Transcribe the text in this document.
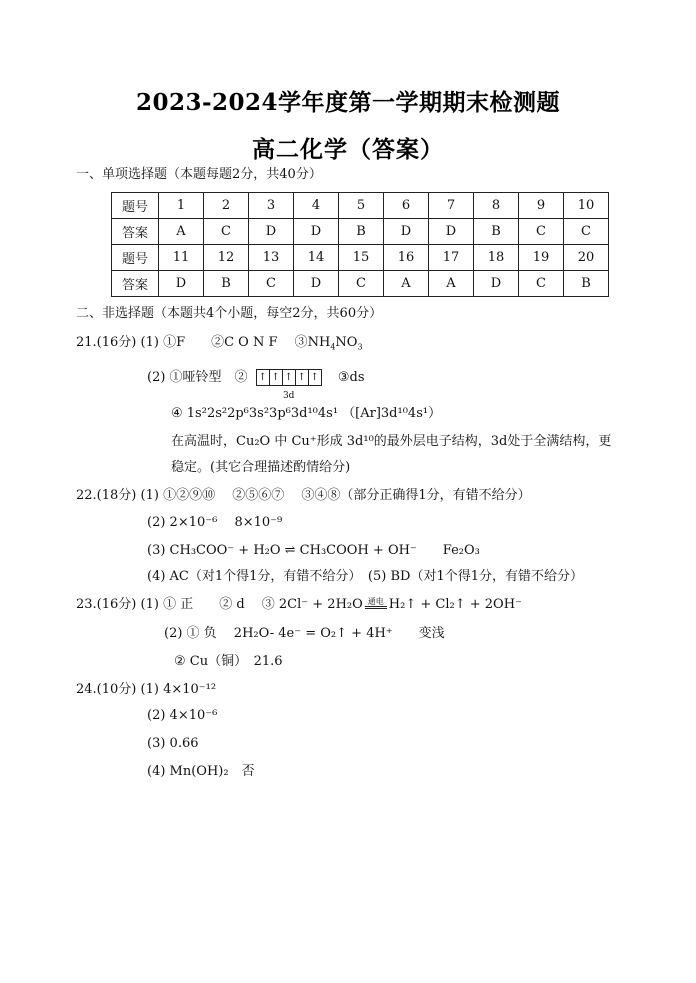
2023-2024学年度第一学期期末检测题
高二化学（答案）
一、单项选择题（本题每题2分，共40分）
题号	1	2	3	4	5	6	7	8	9	10
答案	A	C	D	D	B	D	D	B	C	C
题号	11	12	13	14	15	16	17	18	19	20
答案	D	B	C	D	C	A	A	D	C	B
二、非选择题（本题共4个小题，每空2分，共60分）
21.(16分) (1) ①F　　②C O N F　 $③NH_4NO_3$
(2) ①哑铃型　② ↑ ↑ ↑ ↑ ↑
3d
③ds
④ 1s²2s²2p⁶3s²3p⁶3d¹⁰4s¹ （[Ar]3d¹⁰4s¹）
在高温时，Cu₂O 中 Cu⁺形成 3d¹⁰的最外层电子结构，3d处于全满结构，更
稳定。(其它合理描述酌情给分)
22.(18分) (1) ①②⑨⑩　 ②⑤⑥⑦　 ③④⑧（部分正确得1分，有错不给分）
(2) 2×10⁻⁶　 8×10⁻⁹
(3) CH₃COO⁻ + H₂O ⇌ CH₃COOH + OH⁻　　Fe₂O₃
(4) AC（对1个得1分，有错不给分）　(5) BD（对1个得1分，有错不给分）
23.(16分) (1) ① 正　　② d　 ③ 2Cl⁻ + 2H₂O 通电 H₂↑ + Cl₂↑ + 2OH⁻
(2) ① 负　 2H₂O- 4e⁻ = O₂↑ + 4H⁺　　变浅
② Cu（铜）　21.6
24.(10分) (1) 4×10⁻¹²
(2) 4×10⁻⁶
(3) 0.66
(4) Mn(OH)₂　否
